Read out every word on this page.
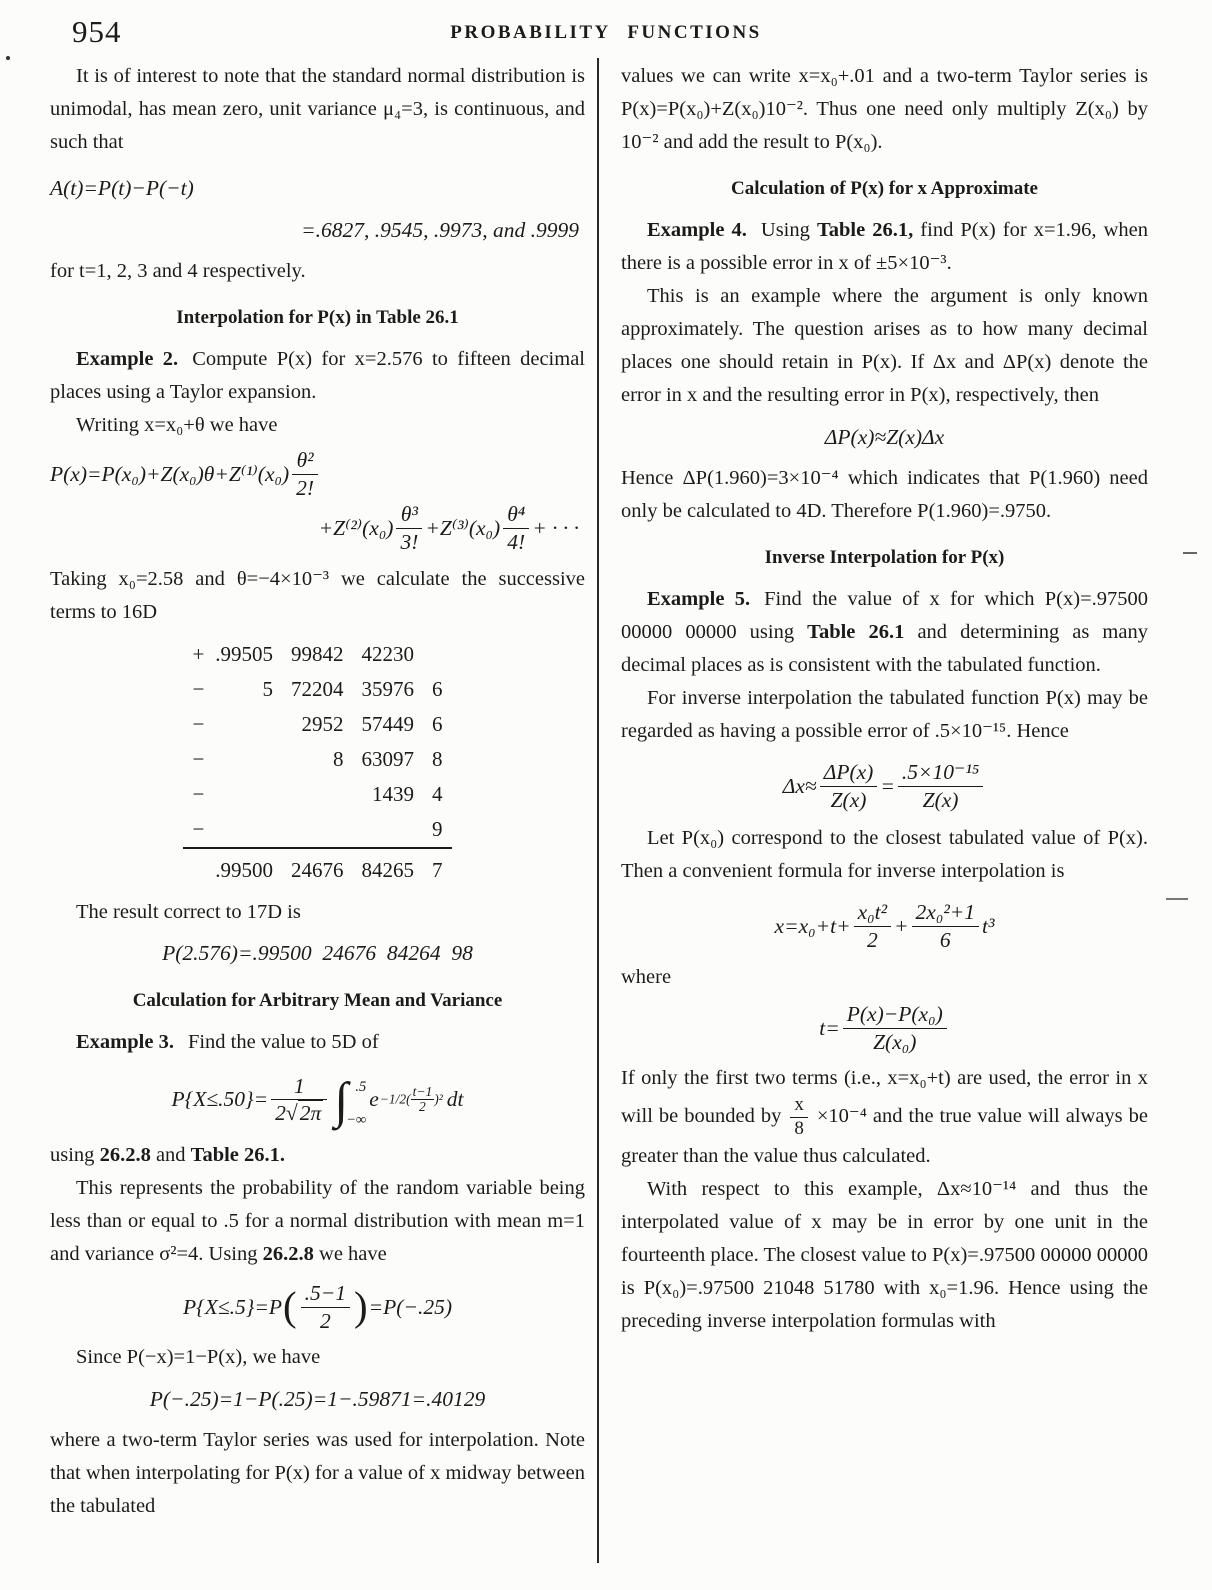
954	PROBABILITY FUNCTIONS

It is of interest to note that the standard normal distribution is unimodal, has mean zero, unit variance μ₄=3, is continuous, and such that

A(t)=P(t)−P(−t)
=.6827, .9545, .9973, and .9999

for t=1, 2, 3 and 4 respectively.

Interpolation for P(x) in Table 26.1

Example 2. Compute P(x) for x=2.576 to fifteen decimal places using a Taylor expansion.

Writing x=x₀+θ we have

$P(x)=P(x_0)+Z(x_0)\theta+Z^{(1)}(x_0) \frac{\text{θ²}}{2!}$
$+Z^{(2)}(x_0) \frac{\text{θ³}}{3!} +Z^{(3)}(x_0) \frac{\text{θ⁴}}{4!}$ + · · ·

Taking x₀=2.58 and θ=−4×10⁻³ we calculate the successive terms to 16D

+	.99505	99842	42230	
−	5	72204	35976	6
−		2952	57449	6
−		8	63097	8
−			1439	4
−				9
	.99500	24676	84265	7

The result correct to 17D is

P(2.576)=.99500  24676  84264  98
Calculation for Arbitrary Mean and Variance

Example 3. Find the value to 5D of

$P\{X\le.50\}= \frac{1}{2√2\pi}$ ∫ .5
−∞
$e -1/2( \frac{t-1}{2} )^2$ dt

using 26.2.8 and Table 26.1.

This represents the probability of the random variable being less than or equal to .5 for a normal distribution with mean m=1 and variance σ²=4. Using 26.2.8 we have

P{X≤.5}=P ( $\frac{.5-1}{2}$ ) =P(−.25)

Since P(−x)=1−P(x), we have

P(−.25)=1−P(.25)=1−.59871=.40129

where a two-term Taylor series was used for interpolation. Note that when interpolating for P(x) for a value of x midway between the tabulated

values we can write x=x₀+.01 and a two-term Taylor series is P(x)=P(x₀)+Z(x₀)10⁻². Thus one need only multiply Z(x₀) by 10⁻² and add the result to P(x₀).

Calculation of P(x) for x Approximate

Example 4. Using Table 26.1, find P(x) for x=1.96, when there is a possible error in x of ±5×10⁻³.

This is an example where the argument is only known approximately. The question arises as to how many decimal places one should retain in P(x). If Δx and ΔP(x) denote the error in x and the resulting error in P(x), respectively, then

ΔP(x)≈Z(x)Δx

Hence ΔP(1.960)=3×10⁻⁴ which indicates that P(1.960) need only be calculated to 4D. Therefore P(1.960)=.9750.

Inverse Interpolation for P(x)

Example 5. Find the value of x for which P(x)=.97500 00000 00000 using Table 26.1 and determining as many decimal places as is consistent with the tabulated function.

For inverse interpolation the tabulated function P(x) may be regarded as having a possible error of .5×10⁻¹⁵. Hence

$\Delta x\approx \frac{\Delta P(x)}{Z(x)} = \frac{\text{.5×10⁻¹⁵}}{Z(x)}$

Let P(x₀) correspond to the closest tabulated value of P(x). Then a convenient formula for inverse interpolation is

$x=x_0+t+ \frac{\text{x₀t²}}{2} + \frac{\text{2x₀²+1}}{6} t^3$

where

$t= \frac{\text{P(x)−P(x₀)}}{\text{Z(x₀)}}$

If only the first two terms (i.e., x=x₀+t) are used, the error in x will be bounded by $\frac{x}{8} \times 10^{-4}$ and the true value will always be greater than the value thus calculated.

With respect to this example, Δx≈10⁻¹⁴ and thus the interpolated value of x may be in error by one unit in the fourteenth place. The closest value to P(x)=.97500 00000 00000 is P(x₀)=.97500 21048 51780 with x₀=1.96. Hence using the preceding inverse interpolation formulas with
